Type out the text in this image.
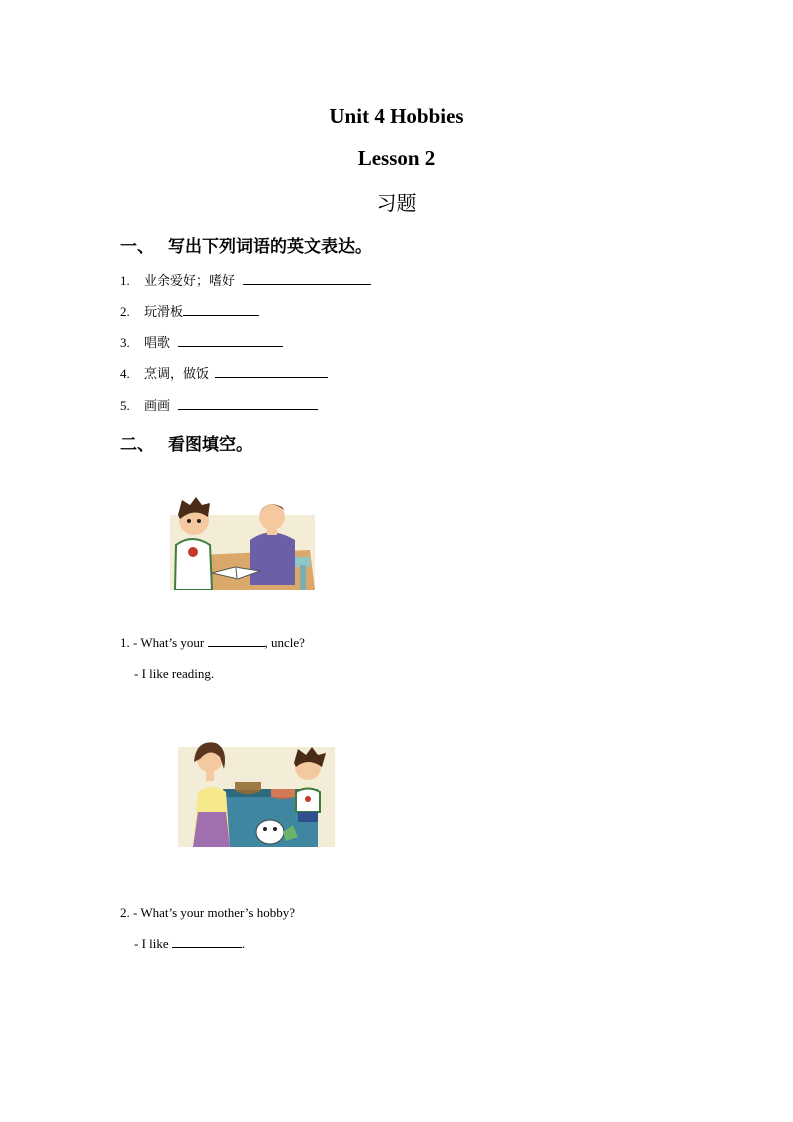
Unit 4 Hobbies
Lesson 2
习题
一、 写出下列词语的英文表达。
1.	业余爱好；嗜好
2.	玩滑板
3.	唱歌
4.	烹调，做饭
5.	画画
二、 看图填空。
1. - What’s your	, uncle?
- I like reading.
2. - What’s your mother’s hobby?
- I like	.
